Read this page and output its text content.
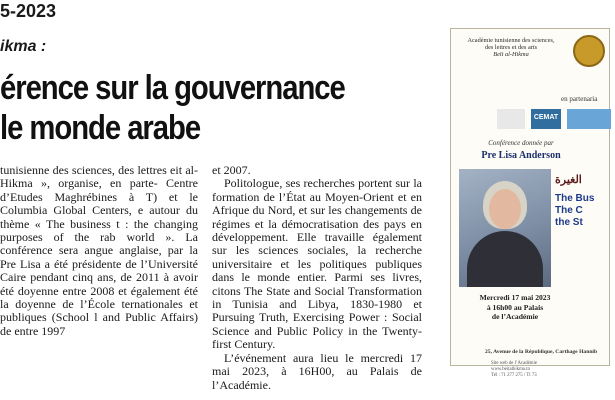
5-2023
ikma :
érence sur la gouvernance
le monde arabe

tunisienne des sciences, des lettres eit al-Hikma », organise, en parte- Centre d’Etudes Maghrébines à T) et le Columbia Global Centers, e autour du thème « The business t : the changing purposes of the rab world ». La conférence sera angue anglaise, par la Pre Lisa a été présidente de l’Université Caire pendant cinq ans, de 2011 à avoir été doyenne entre 2008 et également été la doyenne de l’École ternationales et publiques (School l and Public Affairs) de entre 1997

et 2007.

Politologue, ses recherches portent sur la formation de l’État au Moyen-Orient et en Afrique du Nord, et sur les changements de régimes et la démocratisation des pays en développement. Elle travaille également sur les sciences sociales, la recherche universitaire et les politiques publiques dans le monde entier. Parmi ses livres, citons The State and Social Transformation in Tunisia and Libya, 1830-1980 et Pursuing Truth, Exercising Power : Social Science and Public Policy in the Twenty-first Century.

L’événement aura lieu le mercredi 17 mai 2023, à 16H00, au Palais de l’Académie.

Académie tunisienne des sciences,
des lettres et des arts
Beït al-Hikma
en partenaria
CEMAT
Conférence donnée par
Pre Lisa Anderson
الغيرة
The Bus
The C
the St
Mercredi 17 mai 2023
à 16h00 au Palais
de l’Académie
25, Avenue de la République, Carthage Hannib
Site web de l’Académie
www.beitalhikma.tn
Tél : 71 277 275 / Tl 73
